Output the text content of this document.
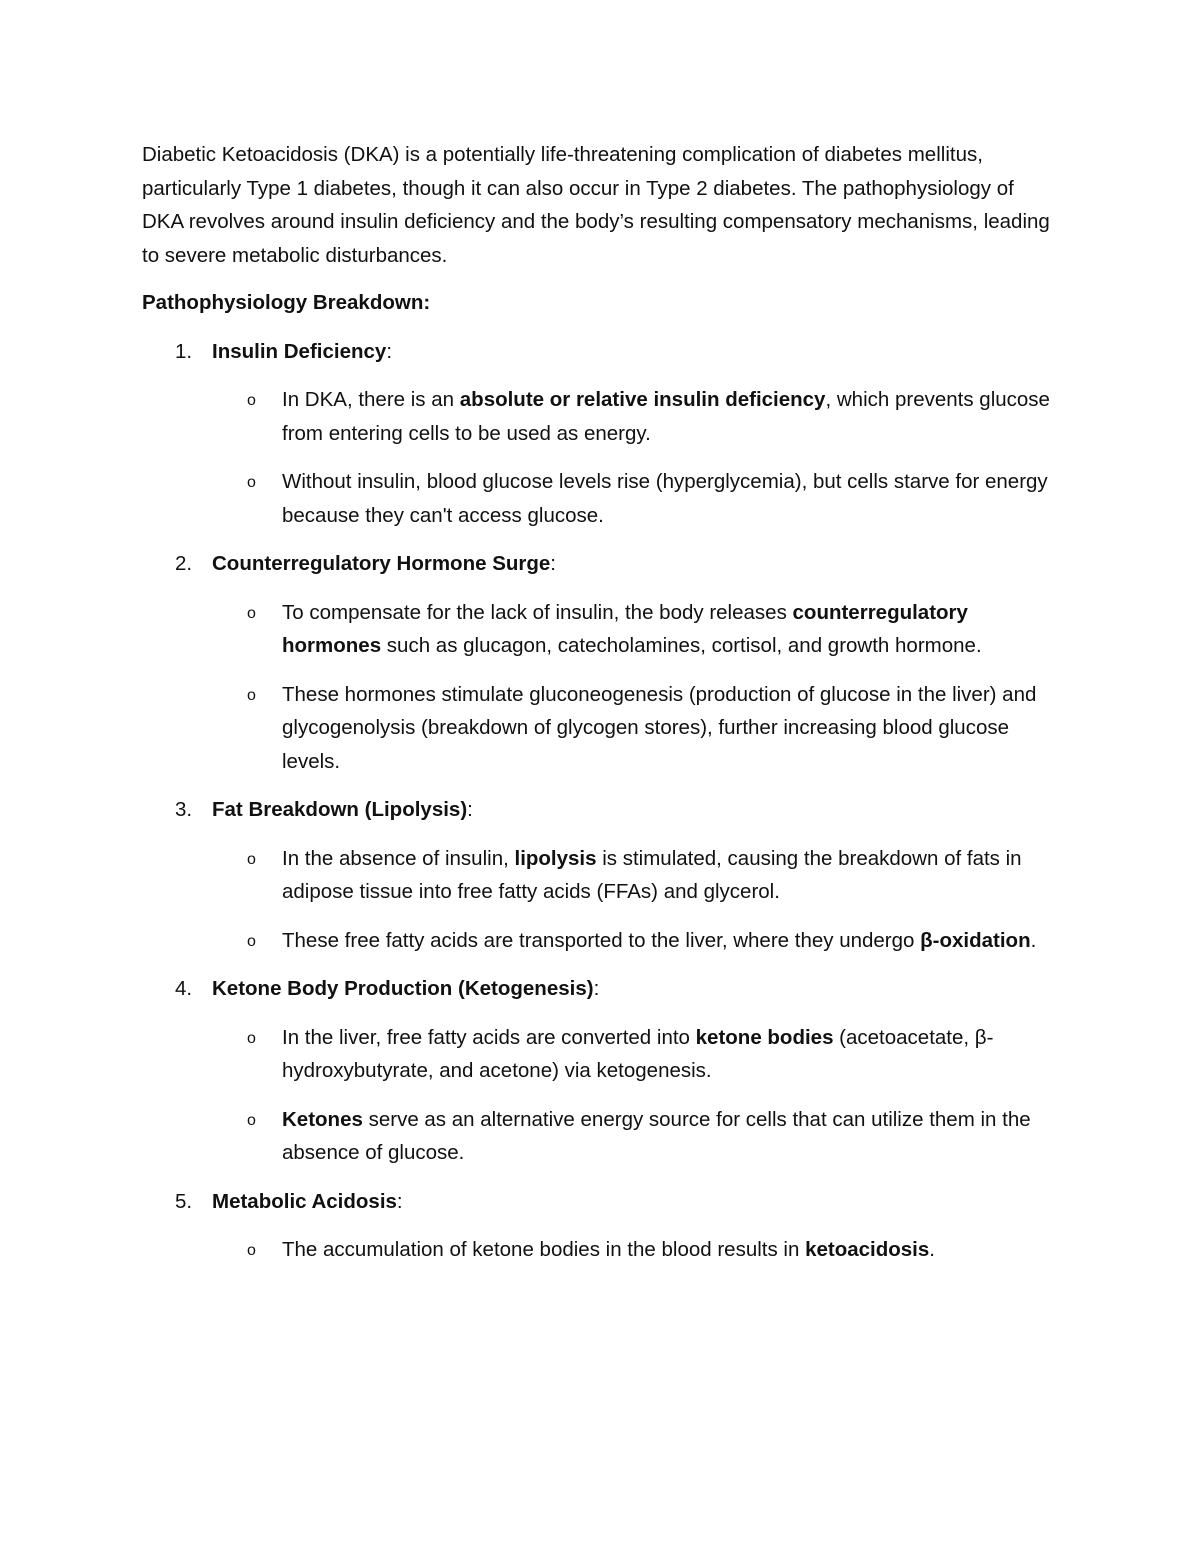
Diabetic Ketoacidosis (DKA) is a potentially life-threatening complication of diabetes mellitus, particularly Type 1 diabetes, though it can also occur in Type 2 diabetes. The pathophysiology of DKA revolves around insulin deficiency and the body’s resulting compensatory mechanisms, leading to severe metabolic disturbances.

Pathophysiology Breakdown:

1. Insulin Deficiency:
o In DKA, there is an absolute or relative insulin deficiency, which prevents glucose from entering cells to be used as energy.
o Without insulin, blood glucose levels rise (hyperglycemia), but cells starve for energy because they can't access glucose.
2. Counterregulatory Hormone Surge:
o To compensate for the lack of insulin, the body releases counterregulatory hormones such as glucagon, catecholamines, cortisol, and growth hormone.
o These hormones stimulate gluconeogenesis (production of glucose in the liver) and glycogenolysis (breakdown of glycogen stores), further increasing blood glucose levels.
3. Fat Breakdown (Lipolysis):
o In the absence of insulin, lipolysis is stimulated, causing the breakdown of fats in adipose tissue into free fatty acids (FFAs) and glycerol.
o These free fatty acids are transported to the liver, where they undergo β-oxidation.
4. Ketone Body Production (Ketogenesis):
o In the liver, free fatty acids are converted into ketone bodies (acetoacetate, β-hydroxybutyrate, and acetone) via ketogenesis.
o Ketones serve as an alternative energy source for cells that can utilize them in the absence of glucose.
5. Metabolic Acidosis:
o The accumulation of ketone bodies in the blood results in ketoacidosis.
